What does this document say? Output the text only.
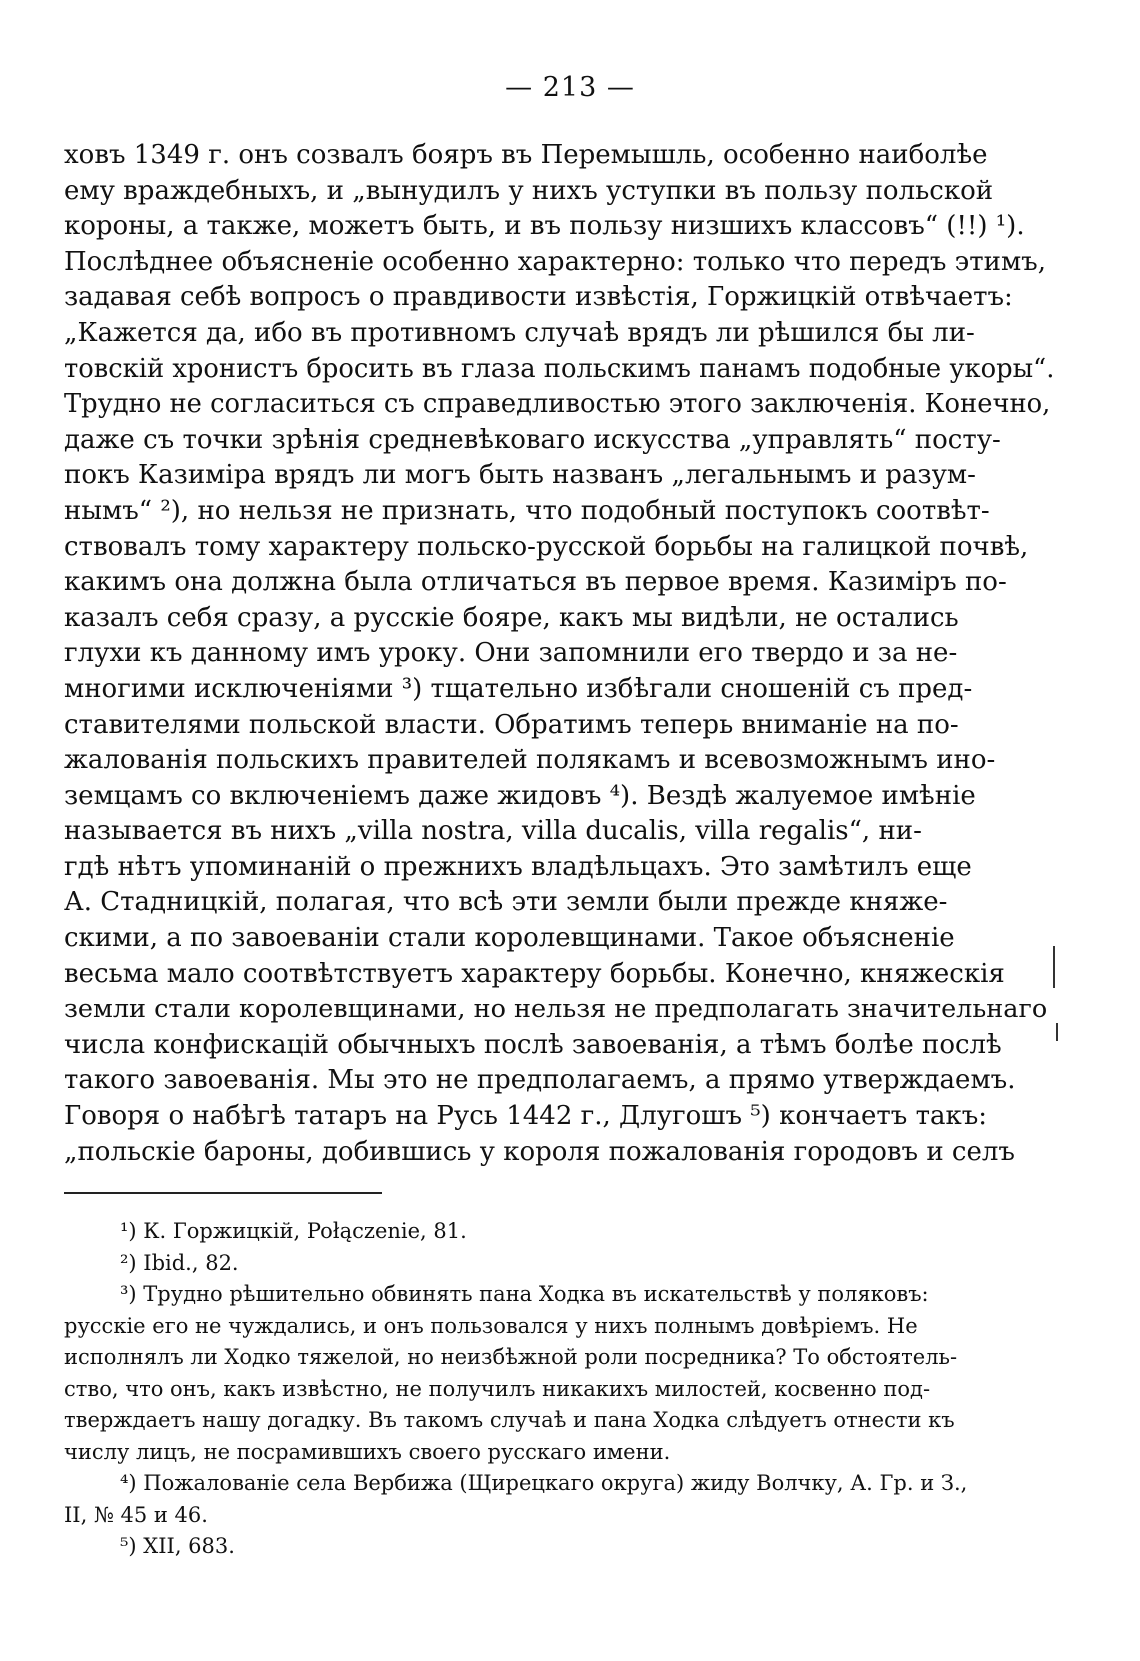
— 213 —
ховъ 1349 г. онъ созвалъ бояръ въ Перемышль, особенно наиболѣе
ему враждебныхъ, и „вынудилъ у нихъ уступки въ пользу польской
короны, а также, можетъ быть, и въ пользу низшихъ классовъ“ (!!) ¹).
Послѣднее объясненіе особенно характерно: только что передъ этимъ,
задавая себѣ вопросъ о правдивости извѣстія, Горжицкій отвѣчаетъ:
„Кажется да, ибо въ противномъ случаѣ врядъ ли рѣшился бы ли-
товскій хронистъ бросить въ глаза польскимъ панамъ подобные укоры“.
Трудно не согласиться съ справедливостью этого заключенія. Конечно,
даже съ точки зрѣнія средневѣковаго искусства „управлять“ посту-
покъ Казиміра врядъ ли могъ быть названъ „легальнымъ и разум-
нымъ“ ²), но нельзя не признать, что подобный поступокъ соотвѣт-
ствовалъ тому характеру польско-русской борьбы на галицкой почвѣ,
какимъ она должна была отличаться въ первое время. Казиміръ по-
казалъ себя сразу, а русскіе бояре, какъ мы видѣли, не остались
глухи къ данному имъ уроку. Они запомнили его твердо и за не-
многими исключеніями ³) тщательно избѣгали сношеній съ пред-
ставителями польской власти. Обратимъ теперь вниманіе на по-
жалованія польскихъ правителей полякамъ и всевозможнымъ ино-
земцамъ со включеніемъ даже жидовъ ⁴). Вездѣ жалуемое имѣніе
называется въ нихъ „villa nostra, villa ducalis, villa regalis“, ни-
гдѣ нѣтъ упоминаній о прежнихъ владѣльцахъ. Это замѣтилъ еще
А. Стадницкій, полагая, что всѣ эти земли были прежде княже-
скими, а по завоеваніи стали королевщинами. Такое объясненіе
весьма мало соотвѣтствуетъ характеру борьбы. Конечно, княжескія
земли стали королевщинами, но нельзя не предполагать значительнаго
числа конфискацій обычныхъ послѣ завоеванія, а тѣмъ болѣе послѣ
такого завоеванія. Мы это не предполагаемъ, а прямо утверждаемъ.
Говоря о набѣгѣ татаръ на Русь 1442 г., Длугошъ ⁵) кончаетъ такъ:
„польскіе бароны, добившись у короля пожалованія городовъ и селъ
¹) К. Горжицкій, Połączenie, 81.
²) Ibid., 82.
³) Трудно рѣшительно обвинять пана Ходка въ искательствѣ у поляковъ:
русскіе его не чуждались, и онъ пользовался у нихъ полнымъ довѣріемъ. Не
исполнялъ ли Ходко тяжелой, но неизбѣжной роли посредника? То обстоятель-
ство, что онъ, какъ извѣстно, не получилъ никакихъ милостей, косвенно под-
тверждаетъ нашу догадку. Въ такомъ случаѣ и пана Ходка слѣдуетъ отнести къ
числу лицъ, не посрамившихъ своего русскаго имени.
⁴) Пожалованіе села Вербижа (Щирецкаго округа) жиду Волчку, А. Гр. и З.,
II, № 45 и 46.
⁵) XII, 683.
